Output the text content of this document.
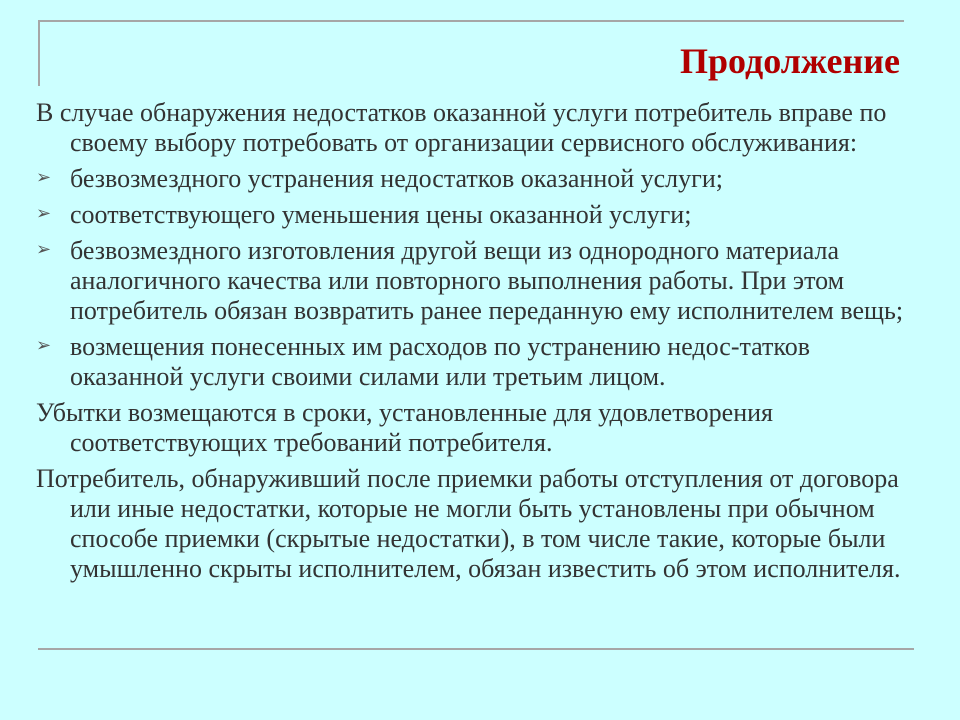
Продолжение

В случае обнаружения недостатков оказанной услуги потребитель вправе по своему выбору потребовать от организации сервисного обслуживания:

➢ безвозмездного устранения недостатков оказанной услуги;
➢ соответствующего уменьшения цены оказанной услуги;
➢ безвозмездного изготовления другой вещи из однородного материала аналогичного качества или повторного выполнения работы. При этом потребитель обязан возвратить ранее переданную ему исполнителем вещь;
➢ возмещения понесенных им расходов по устранению недос-татков оказанной услуги своими силами или третьим лицом.

Убытки возмещаются в сроки, установленные для удовлетворения соответствующих требований потребителя.

Потребитель, обнаруживший после приемки работы отступления от договора или иные недостатки, которые не могли быть установлены при обычном способе приемки (скрытые недостатки), в том числе такие, которые были умышленно скрыты исполнителем, обязан известить об этом исполнителя.
